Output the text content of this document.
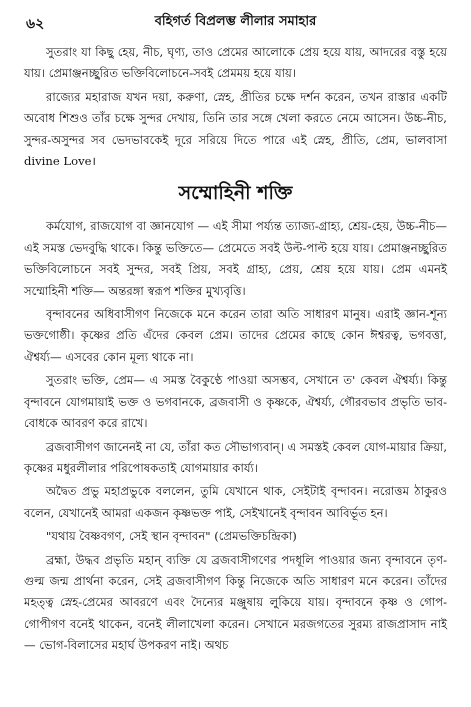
৬২	বহিগর্ত বিপ্রলম্ভ লীলার সমাহার

সুতরাং যা কিছু হেয়, নীচ, ঘৃণ্য, তাও প্রেমের আলোকে প্রেয় হয়ে যায়, আদরের বস্তু হয়ে যায়। প্রেমাঞ্জনচ্ছুরিত ভক্তিবিলোচনে-সবই প্রেমময় হয়ে যায়।

রাজ্যের মহারাজ যখন দয়া, করুণা, স্নেহ, প্রীতির চক্ষে দর্শন করেন, তখন রাস্তার একটি অবোধ শিশুও তাঁর চক্ষে সুন্দর দেখায়, তিনি তার সঙ্গে খেলা করতে নেমে আসেন। উচ্চ-নীচ, সুন্দর-অসুন্দর সব ভেদভাবকেই দূরে সরিয়ে দিতে পারে এই স্নেহ, প্রীতি, প্রেম, ভালবাসা divine Love।

সম্মোহিনী শক্তি

কর্মযোগ, রাজযোগ বা জ্ঞানযোগ — এই সীমা পর্য্যন্ত ত্যাজ্য-গ্রাহ্য, শ্রেয়-হেয়, উচ্চ-নীচ— এই সমস্ত ভেদবুদ্ধি থাকে। কিন্তু ভক্তিতে— প্রেমেতে সবই উল্ট-পাল্ট হয়ে যায়। প্রেমাঞ্জনচ্ছুরিত ভক্তিবিলোচনে সবই সুন্দর, সবই প্রিয়, সবই গ্রাহ্য, প্রেয়, শ্রেয় হয়ে যায়। প্রেম এমনই সম্মোহিনী শক্তি— অন্তরঙ্গা স্বরূপ শক্তির মুখ্যবৃত্তি।

বৃন্দাবনের অধিবাসীগণ নিজেকে মনে করেন তারা অতি সাধারণ মানুষ। এরাই জ্ঞান-শূন্য ভক্তগোষ্ঠী। কৃষ্ণের প্রতি এঁদের কেবল প্রেম। তাদের প্রেমের কাছে কোন ঈশ্বরত্ব, ভগবত্তা, ঐশ্বর্য্য— এসবের কোন মূল্য থাকে না।

সুতরাং ভক্তি, প্রেম— এ সমস্ত বৈকুণ্ঠে পাওয়া অসম্ভব, সেখানে ত' কেবল ঐশ্বর্য্য। কিন্তু বৃন্দাবনে যোগমায়াই ভক্ত ও ভগবানকে, ব্রজবাসী ও কৃষ্ণকে, ঐশ্বর্য্য, গৌরবভাব প্রভৃতি ভাব-বোধকে আবরণ করে রাখে।

ব্রজবাসীগণ জানেনই না যে, তাঁরা কত সৌভাগ্যবান্। এ সমস্তই কেবল যোগ-মায়ার ক্রিয়া, কৃষ্ণের মধুরলীলার পরিপোষকতাই যোগমায়ার কার্য্য।

অদ্বৈত প্রভু মহাপ্রভুকে বললেন, তুমি যেখানে থাক, সেইটাই বৃন্দাবন। নরোত্তম ঠাকুরও বলেন, যেখানেই আমরা একজন কৃষ্ণভক্ত পাই, সেইখানেই বৃন্দাবন আবির্ভূত হন।

"যথায় বৈষ্ণবগণ, সেই স্থান বৃন্দাবন" (প্রেমভক্তিচন্দ্রিকা)

ব্রহ্মা, উদ্ধব প্রভৃতি মহান্ ব্যক্তি যে ব্রজবাসীগণের পদধূলি পাওয়ার জন্য বৃন্দাবনে তৃণ-গুল্ম জন্ম প্রার্থনা করেন, সেই ব্রজবাসীগণ কিন্তু নিজেকে অতি সাধারণ মনে করেন। তাঁদের মহত্ত্ব স্নেহ-প্রেমের আবরণে এবং দৈন্যের মঞ্জুষায় লুকিয়ে যায়। বৃন্দাবনে কৃষ্ণ ও গোপ-গোপীগণ বনেই থাকেন, বনেই লীলাখেলা করেন। সেখানে মরজগতের সুরম্য রাজপ্রাসাদ নাই— ভোগ-বিলাসের মহার্ঘ উপকরণ নাই। অথচ
